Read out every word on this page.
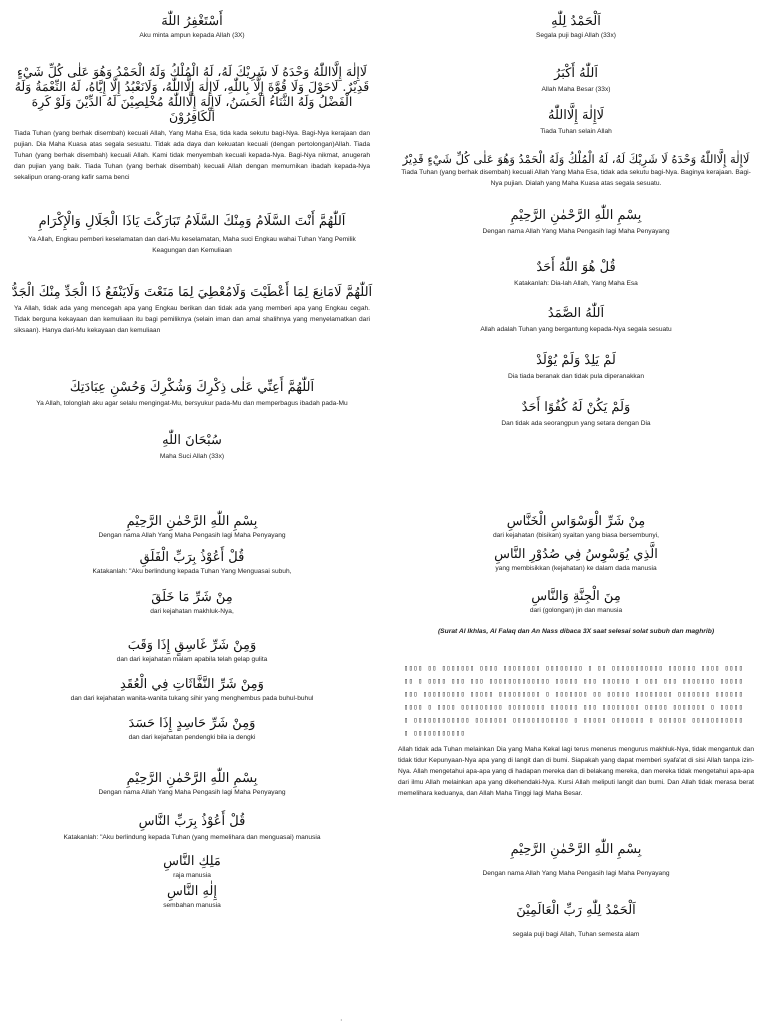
أَسْتَغْفِرُ اللّٰهَ
Aku minta ampun kepada Allah (3X)
لَاإِلٰهَ إِلَّااللّٰهُ وَحْدَهُ لَا شَرِيْكَ لَهُ، لَهُ الْمُلْكُ وَلَهُ الْحَمْدُ وَهُوَ عَلٰى كُلِّ شَيْءٍ قَدِيْرٌ. لَاحَوْلَ وَلَا قُوَّةَ إِلَّا بِاللّٰهِ، لَاإِلٰهَ إِلَّااللّٰهُ، وَلَانَعْبُدُ إِلَّا إِيَّاهُ، لَهُ النِّعْمَةُ وَلَهُ الْفَضْلُ وَلَهُ الثَّنَاءُ الْحَسَنُ، لَاإِلٰهَ إِلَّااللّٰهُ مُخْلِصِيْنَ لَهُ الدِّيْنَ وَلَوْ كَرِهَ الْكَافِرُوْنَ
Tiada Tuhan (yang berhak disembah) kecuali Allah, Yang Maha Esa, tida kada sekutu bagi-Nya. Bagi-Nya kerajaan dan pujian. Dia Maha Kuasa atas segala sesuatu. Tidak ada daya dan kekuatan kecuali (dengan pertolongan)Allah. Tiada Tuhan (yang berhak disembah) kecuali Allah. Kami tidak menyembah kecuali kepada-Nya. Bagi-Nya nikmat, anugerah dan pujian yang baik. Tiada Tuhan (yang berhak disembah) kecuali Allah dengan memurnikan ibadah kepada-Nya sekalipun orang-orang kafir sama benci
اَللّٰهُمَّ أَنْتَ السَّلَامُ وَمِنْكَ السَّلَامُ تَبَارَكْتَ يَاذَا الْجَلَالِ وَالْإِكْرَامِ
Ya Allah, Engkau pemberi keselamatan dan dari-Mu keselamatan, Maha suci Engkau wahai Tuhan Yang Pemilik Keagungan dan Kemuliaan
اَللّٰهُمَّ لَامَانِعَ لِمَا أَعْطَيْتَ وَلَامُعْطِيَ لِمَا مَنَعْتَ وَلَايَنْفَعُ ذَا الْجَدِّ مِنْكَ الْجَدُّ
Ya Allah, tidak ada yang mencegah apa yang Engkau berikan dan tidak ada yang memberi apa yang Engkau cegah. Tidak berguna kekayaan dan kemuliaan itu bagi pemiliknya (selain iman dan amal shalihnya yang menyelamatkan dari siksaan). Hanya dari-Mu kekayaan dan kemuliaan
اَللّٰهُمَّ أَعِنِّي عَلٰى ذِكْرِكَ وَشُكْرِكَ وَحُسْنِ عِبَادَتِكَ
Ya Allah, tolonglah aku agar selalu mengingat-Mu, bersyukur pada-Mu dan memperbagus ibadah pada-Mu
سُبْحَانَ اللّٰهِ
Maha Suci Allah (33x)
بِسْمِ اللّٰهِ الرَّحْمٰنِ الرَّحِيْمِ
Dengan nama Allah Yang Maha Pengasih lagi Maha Penyayang
قُلْ أَعُوْذُ بِرَبِّ الْفَلَقِ
Katakanlah: "Aku berlindung kepada Tuhan Yang Menguasai subuh,
مِنْ شَرِّ مَا خَلَقَ
dari kejahatan makhluk-Nya,
وَمِنْ شَرِّ غَاسِقٍ إِذَا وَقَبَ
dan dari kejahatan malam apabila telah gelap gulita
وَمِنْ شَرِّ النَّفَّاثَاتِ فِي الْعُقَدِ
dan dari kejahatan wanita-wanita tukang sihir yang menghembus pada buhul-buhul
وَمِنْ شَرِّ حَاسِدٍ إِذَا حَسَدَ
dan dari kejahatan pendengki bila ia dengki
بِسْمِ اللّٰهِ الرَّحْمٰنِ الرَّحِيْمِ
Dengan nama Allah Yang Maha Pengasih lagi Maha Penyayang
قُلْ أَعُوْذُ بِرَبِّ النَّاسِ
Katakanlah: "Aku berlindung kepada Tuhan (yang memelihara dan menguasai) manusia
مَلِكِ النَّاسِ
raja manusia
إِلٰهِ النَّاسِ
sembahan manusia
اَلْحَمْدُ لِلّٰهِ
Segala puji bagi Allah (33x)
اَللّٰهُ أَكْبَرُ
Allah Maha Besar (33x)
لَاإِلٰهَ إِلَّااللّٰهُ
Tiada Tuhan selain Allah
لَاإِلٰهَ إِلَّااللّٰهُ وَحْدَهُ لَا شَرِيْكَ لَهُ، لَهُ الْمُلْكُ وَلَهُ الْحَمْدُ وَهُوَ عَلٰى كُلِّ شَيْءٍ قَدِيْرٌ
Tiada Tuhan (yang berhak disembah) kecuali Allah Yang Maha Esa, tidak ada sekutu bagi-Nya. Baginya kerajaan. Bagi-Nya pujian. Dialah yang Maha Kuasa atas segala sesuatu.
بِسْمِ اللّٰهِ الرَّحْمٰنِ الرَّحِيْمِ
Dengan nama Allah Yang Maha Pengasih lagi Maha Penyayang
قُلْ هُوَ اللّٰهُ أَحَدٌ
Katakanlah: Dia-lah Allah, Yang Maha Esa
اَللّٰهُ الصَّمَدُ
Allah adalah Tuhan yang bergantung kepada-Nya segala sesuatu
لَمْ يَلِدْ وَلَمْ يُوْلَدْ
Dia tiada beranak dan tidak pula diperanakkan
وَلَمْ يَكُنْ لَهُ كُفُوًا أَحَدٌ
Dan tidak ada seorangpun yang setara dengan Dia
مِنْ شَرِّ الْوَسْوَاسِ الْخَنَّاسِ
dari kejahatan (bisikan) syaitan yang biasa bersembunyi,
الَّذِي يُوَسْوِسُ فِي صُدُوْرِ النَّاسِ
yang membisikkan (kejahatan) ke dalam dada manusia
مِنَ الْجِنَّةِ وَالنَّاسِ
dari (golongan) jin dan manusia
(Surat Al Ikhlas, Al Falaq dan An Nass dibaca 3X saat selesai solat subuh dan maghrib)
▯▯▯▯ ▯▯ ▯▯▯▯▯▯▯ ▯▯▯▯ ▯▯▯▯▯▯▯▯ ▯▯▯▯▯▯▯▯ ▯ ▯▯ ▯▯▯▯▯▯▯▯▯▯▯ ▯▯▯▯▯▯ ▯▯▯▯ ▯▯▯▯▯▯ ▯ ▯▯▯▯ ▯▯▯ ▯▯▯ ▯▯▯▯▯▯▯▯▯▯▯▯▯ ▯▯▯▯▯ ▯▯▯ ▯▯▯▯▯▯ ▯ ▯▯▯ ▯▯▯ ▯▯▯▯▯▯▯ ▯▯▯▯▯▯▯▯ ▯▯▯▯▯▯▯▯▯ ▯▯▯▯▯ ▯▯▯▯▯▯▯▯▯ ▯ ▯▯▯▯▯▯▯ ▯▯ ▯▯▯▯▯ ▯▯▯▯▯▯▯▯ ▯▯▯▯▯▯▯ ▯▯▯▯▯▯▯▯▯▯ ▯ ▯▯▯▯ ▯▯▯▯▯▯▯▯▯ ▯▯▯▯▯▯▯▯ ▯▯▯▯▯▯ ▯▯▯ ▯▯▯▯▯▯▯▯ ▯▯▯▯▯ ▯▯▯▯▯▯▯ ▯ ▯▯▯▯▯▯ ▯▯▯▯▯▯▯▯▯▯▯▯ ▯▯▯▯▯▯▯ ▯▯▯▯▯▯▯▯▯▯▯▯ ▯ ▯▯▯▯▯ ▯▯▯▯▯▯▯ ▯ ▯▯▯▯▯▯ ▯▯▯▯▯▯▯▯▯▯▯▯ ▯▯▯▯▯▯▯▯▯▯▯
Allah tidak ada Tuhan melainkan Dia yang Maha Kekal lagi terus menerus mengurus makhluk-Nya, tidak mengantuk dan tidak tidur Kepunyaan-Nya apa yang di langit dan di bumi. Siapakah yang dapat memberi syafa'at di sisi Allah tanpa izin-Nya. Allah mengetahui apa-apa yang di hadapan mereka dan di belakang mereka, dan mereka tidak mengetahui apa-apa dari ilmu Allah melainkan apa yang dikehendaki-Nya. Kursi Allah meliputi langit dan bumi. Dan Allah tidak merasa berat memelihara keduanya, dan Allah Maha Tinggi lagi Maha Besar.
بِسْمِ اللّٰهِ الرَّحْمٰنِ الرَّحِيْمِ
Dengan nama Allah Yang Maha Pengasih lagi Maha Penyayang
اَلْحَمْدُ لِلّٰهِ رَبِّ الْعَالَمِيْنَ
segala puji bagi Allah, Tuhan semesta alam
·
